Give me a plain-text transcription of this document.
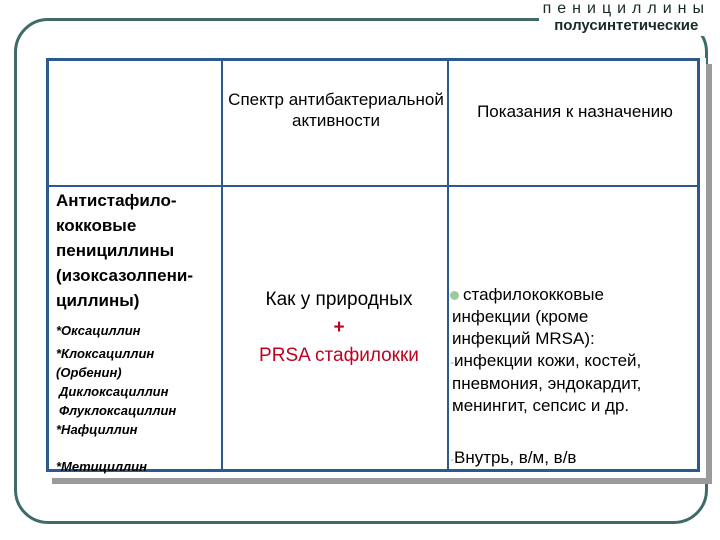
пенициллины
полусинтетические
Спектр антибактериальной активности	Показания к назначению
Антистафило-
кокковые
пенициллины
(изоксазолпени-
циллины)
*Оксациллин
*Клоксациллин
(Орбенин)
Диклоксациллин
Флуклоксациллин
*Нафциллин
*Метициллин
Как у природных
+
PRSA стафилокки
стафилококковые
инфекции (кроме
инфекций MRSA):
-инфекции кожи, костей,
пневмония, эндокардит,
менингит, сепсис и др.
-Внутрь, в/м, в/в
